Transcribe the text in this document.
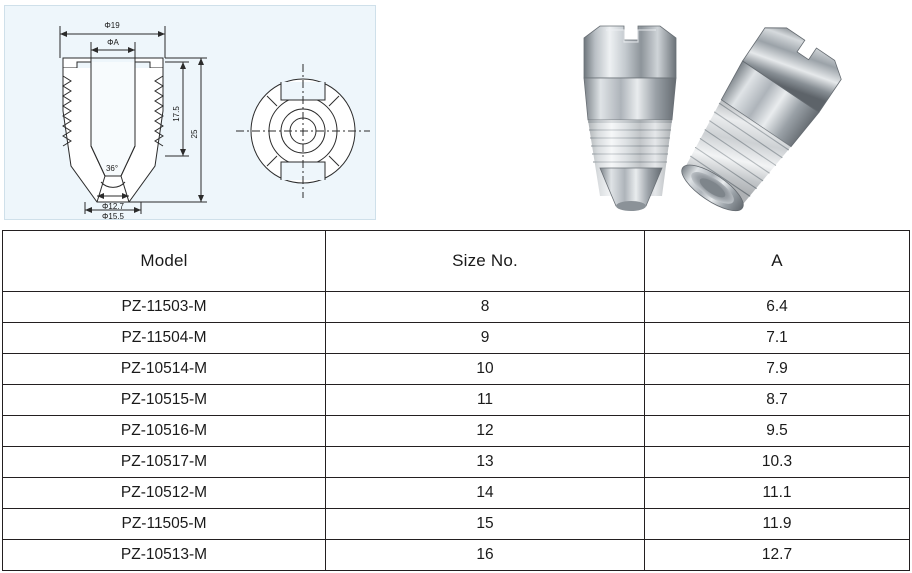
Φ19
ΦA
36°
Φ12.7
Φ15.5
17.5
25
Model	Size No.	A
PZ-11503-M	8	6.4
PZ-11504-M	9	7.1
PZ-10514-M	10	7.9
PZ-10515-M	11	8.7
PZ-10516-M	12	9.5
PZ-10517-M	13	10.3
PZ-10512-M	14	11.1
PZ-11505-M	15	11.9
PZ-10513-M	16	12.7
